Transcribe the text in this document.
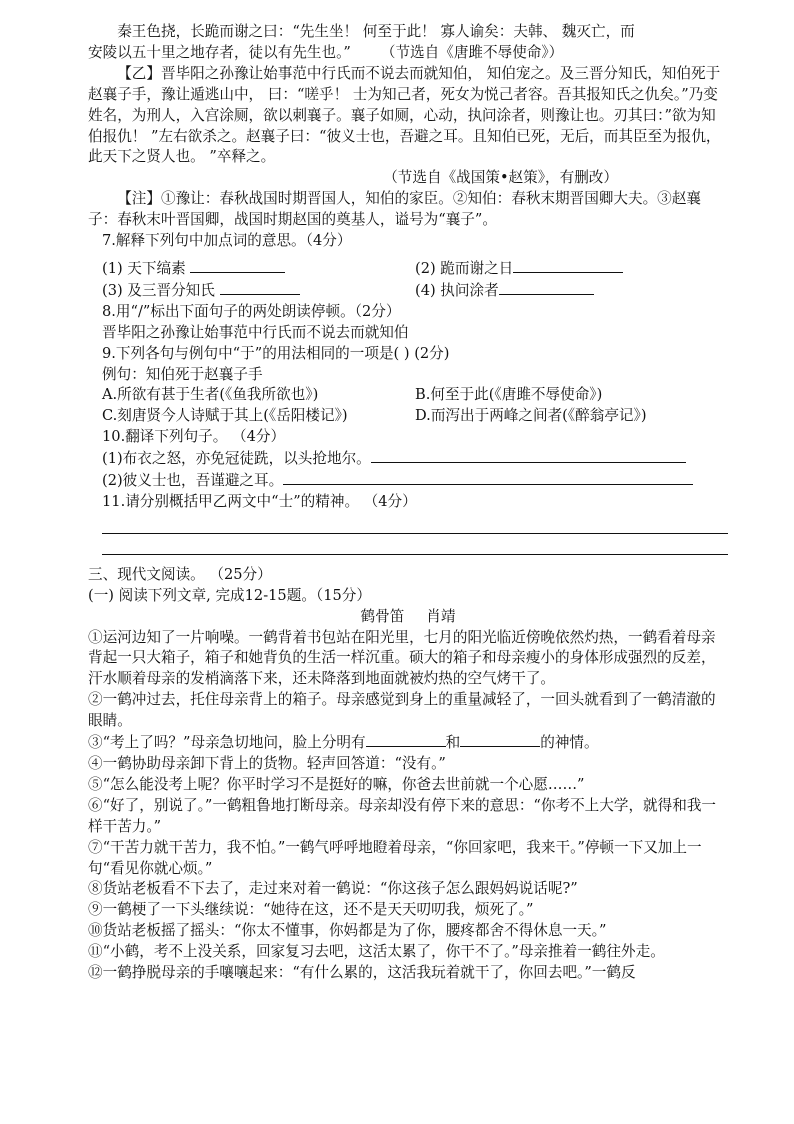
秦王色挠，长跪而谢之曰：“先生坐！ 何至于此！ 寡人谕矣：夫韩、 魏灭亡，而

安陵以五十里之地存者，徒以有先生也。” （节选自《唐雎不辱使命》）

【乙】晋毕阳之孙豫让始事范中行氏而不说去而就知伯， 知伯宠之。及三晋分知氏，知伯死于赵襄子手，豫让遁逃山中， 曰：“嗟乎！ 士为知己者，死女为悦己者容。吾其报知氏之仇矣。”乃变姓名，为刑人，入宫涂厕，欲以刺襄子。襄子如厕，心动，执问涂者，则豫让也。刃其曰：”欲为知伯报仇！ ”左右欲杀之。赵襄子曰：“彼义士也，吾避之耳。且知伯已死，无后，而其臣至为报仇， 此天下之贤人也。 ”卒释之。

（节选自《战国策•赵策》，有删改）

【注】①豫让：春秋战国时期晋国人，知伯的家臣。②知伯：春秋末期晋国卿大夫。③赵襄子：春秋末叶晋国卿，战国时期赵国的奠基人，谥号为“襄子”。

7.解释下列句中加点词的意思。（4分）

(1) 天下缟素	(2) 跪而谢之日
(3) 及三晋分知氏	(4) 执问涂者

8.用“/”标出下面句子的两处朗读停顿。（2分）

晋毕阳之孙豫让始事范中行氏而不说去而就知伯

9.下列各句与例句中“于”的用法相同的一项是( ) (2分)

例句：知伯死于赵襄子手

A.所欲有甚于生者(《鱼我所欲也》)	B.何至于此(《唐雎不辱使命》)
C.刻唐贤今人诗赋于其上(《岳阳楼记》)	D.而泻出于两峰之间者(《醉翁亭记》)

10.翻译下列句子。 （4分）

(1)布衣之怒，亦免冠徒跣，以头抢地尔。

(2)彼义士也，吾谨避之耳。

11.请分别概括甲乙两文中“士”的精神。 （4分）

三、现代文阅读。 （25分）

(一) 阅读下列文章, 完成12-15题。（15分）

鹤骨笛 肖靖

①运河边知了一片响噪。一鹤背着书包站在阳光里，七月的阳光临近傍晚依然灼热，一鹤看着母亲背起一只大箱子，箱子和她背负的生活一样沉重。硕大的箱子和母亲瘦小的身体形成强烈的反差，汗水顺着母亲的发梢滴落下来，还未降落到地面就被灼热的空气烤干了。

②一鹤冲过去，托住母亲背上的箱子。母亲感觉到身上的重量减轻了，一回头就看到了一鹤清澈的眼睛。

③“考上了吗？”母亲急切地问，脸上分明有	和	的神情。

④一鹤协助母亲卸下背上的货物。轻声回答道：“没有。”

⑤“怎么能没考上呢？你平时学习不是挺好的嘛，你爸去世前就一个心愿……”

⑥“好了，别说了。”一鹤粗鲁地打断母亲。母亲却没有停下来的意思：“你考不上大学，就得和我一样干苦力。”

⑦“干苦力就干苦力，我不怕。”一鹤气呼呼地瞪着母亲，“你回家吧，我来干。”停顿一下又加上一句“看见你就心烦。”

⑧货站老板看不下去了，走过来对着一鹤说：“你这孩子怎么跟妈妈说话呢?”

⑨一鹤梗了一下头继续说：“她待在这，还不是天天叨叨我，烦死了。”

⑩货站老板摇了摇头：“你太不懂事，你妈都是为了你，腰疼都舍不得休息一天。”

⑪“小鹤，考不上没关系，回家复习去吧，这活太累了，你干不了。”母亲推着一鹤往外走。

⑫一鹤挣脱母亲的手嚷嚷起来：“有什么累的，这活我玩着就干了，你回去吧。”一鹤反
